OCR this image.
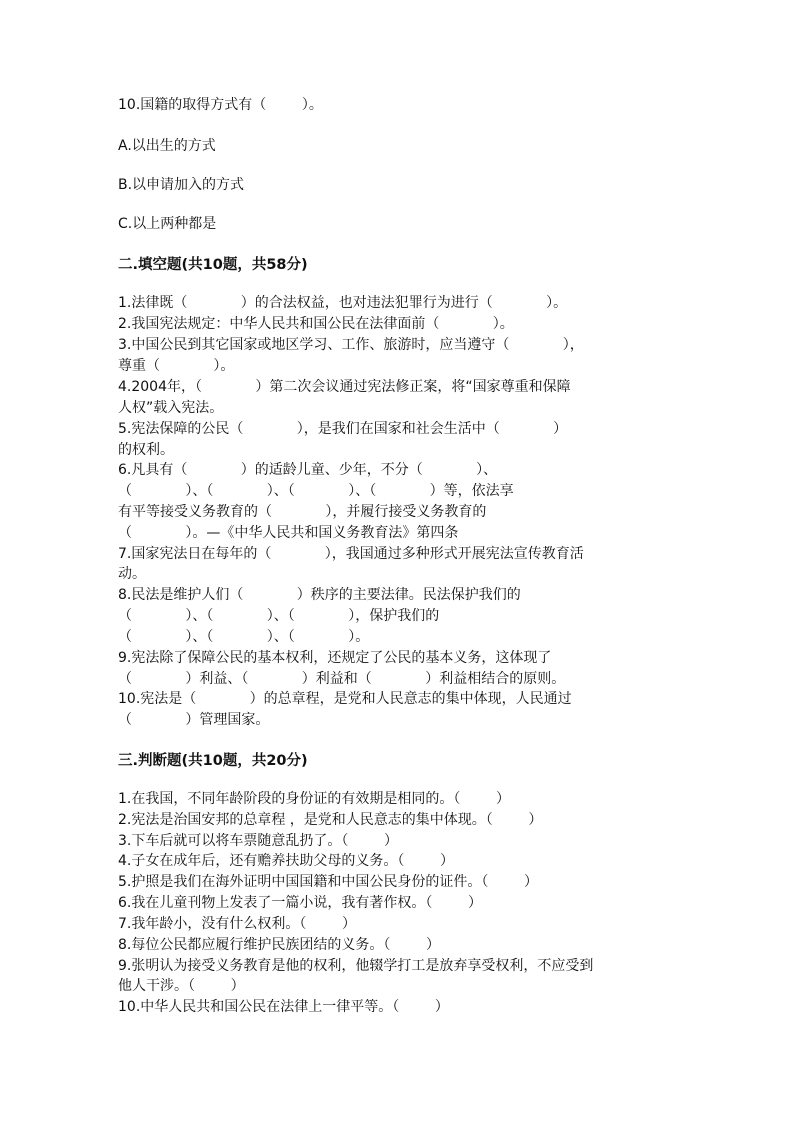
10.国籍的取得方式有（        ）。
A.以出生的方式
B.以申请加入的方式
C.以上两种都是
二.填空题(共10题，共58分)
1.法律既（            ）的合法权益，也对违法犯罪行为进行（            ）。
2.我国宪法规定：中华人民共和国公民在法律面前（            ）。
3.中国公民到其它国家或地区学习、工作、旅游时，应当遵守（            ），
尊重（            ）。
4.2004年，（            ）第二次会议通过宪法修正案，将“国家尊重和保障
人权”载入宪法。
5.宪法保障的公民（            ），是我们在国家和社会生活中（            ）
的权利。
6.凡具有（            ）的适龄儿童、少年，不分（            ）、
（            ）、（            ）、（            ）、（            ）等，依法享
有平等接受义务教育的（            ），并履行接受义务教育的
（            ）。—《中华人民共和国义务教育法》第四条
7.国家宪法日在每年的（            ），我国通过多种形式开展宪法宣传教育活
动。
8.民法是维护人们（            ）秩序的主要法律。民法保护我们的
（            ）、（            ）、（            ），保护我们的
（            ）、（            ）、（            ）。
9.宪法除了保障公民的基本权利，还规定了公民的基本义务，这体现了
（            ）利益、（            ）利益和（            ）利益相结合的原则。
10.宪法是（            ）的总章程，是党和人民意志的集中体现，人民通过
（            ）管理国家。
三.判断题(共10题，共20分)
1.在我国，不同年龄阶段的身份证的有效期是相同的。（        ）
2.宪法是治国安邦的总章程 ，是党和人民意志的集中体现。（        ）
3.下车后就可以将车票随意乱扔了。（        ）
4.子女在成年后，还有赡养扶助父母的义务。（        ）
5.护照是我们在海外证明中国国籍和中国公民身份的证件。（        ）
6.我在儿童刊物上发表了一篇小说，我有著作权。（        ）
7.我年龄小，没有什么权利。（        ）
8.每位公民都应履行维护民族团结的义务。（        ）
9.张明认为接受义务教育是他的权利，他辍学打工是放弃享受权利，不应受到
他人干涉。（        ）
10.中华人民共和国公民在法律上一律平等。（        ）
